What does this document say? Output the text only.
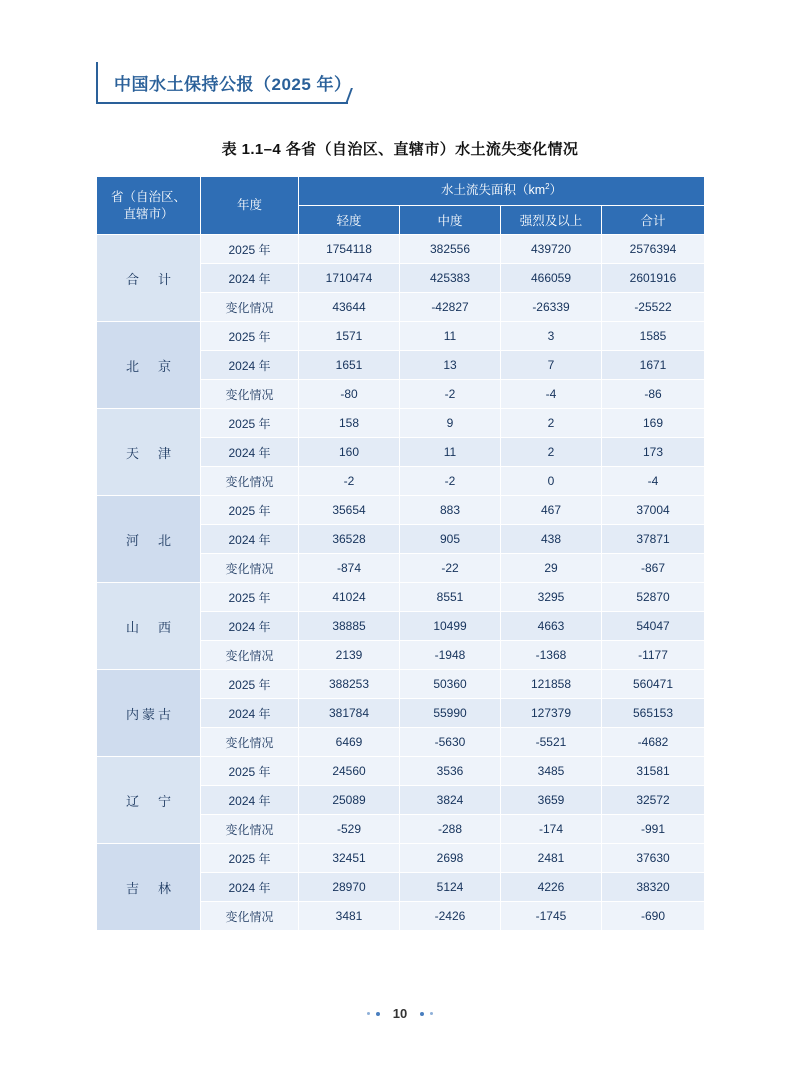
中国水土保持公报（2025 年）
表 1.1–4 各省（自治区、直辖市）水土流失变化情况
省（自治区、
直辖市）	年度	水土流失面积$(km^2)$			
		轻度	中度	强烈及以上	合计
合　计	2025 年	1754118	382556	439720	2576394
	2024 年	1710474	425383	466059	2601916
	变化情况	43644	-42827	-26339	-25522
北　京	2025 年	1571	11	3	1585
	2024 年	1651	13	7	1671
	变化情况	-80	-2	-4	-86
天　津	2025 年	158	9	2	169
	2024 年	160	11	2	173
	变化情况	-2	-2	0	-4
河　北	2025 年	35654	883	467	37004
	2024 年	36528	905	438	37871
	变化情况	-874	-22	29	-867
山　西	2025 年	41024	8551	3295	52870
	2024 年	38885	10499	4663	54047
	变化情况	2139	-1948	-1368	-1177
内蒙古	2025 年	388253	50360	121858	560471
	2024 年	381784	55990	127379	565153
	变化情况	6469	-5630	-5521	-4682
辽　宁	2025 年	24560	3536	3485	31581
	2024 年	25089	3824	3659	32572
	变化情况	-529	-288	-174	-991
吉　林	2025 年	32451	2698	2481	37630
	2024 年	28970	5124	4226	38320
	变化情况	3481	-2426	-1745	-690
10
